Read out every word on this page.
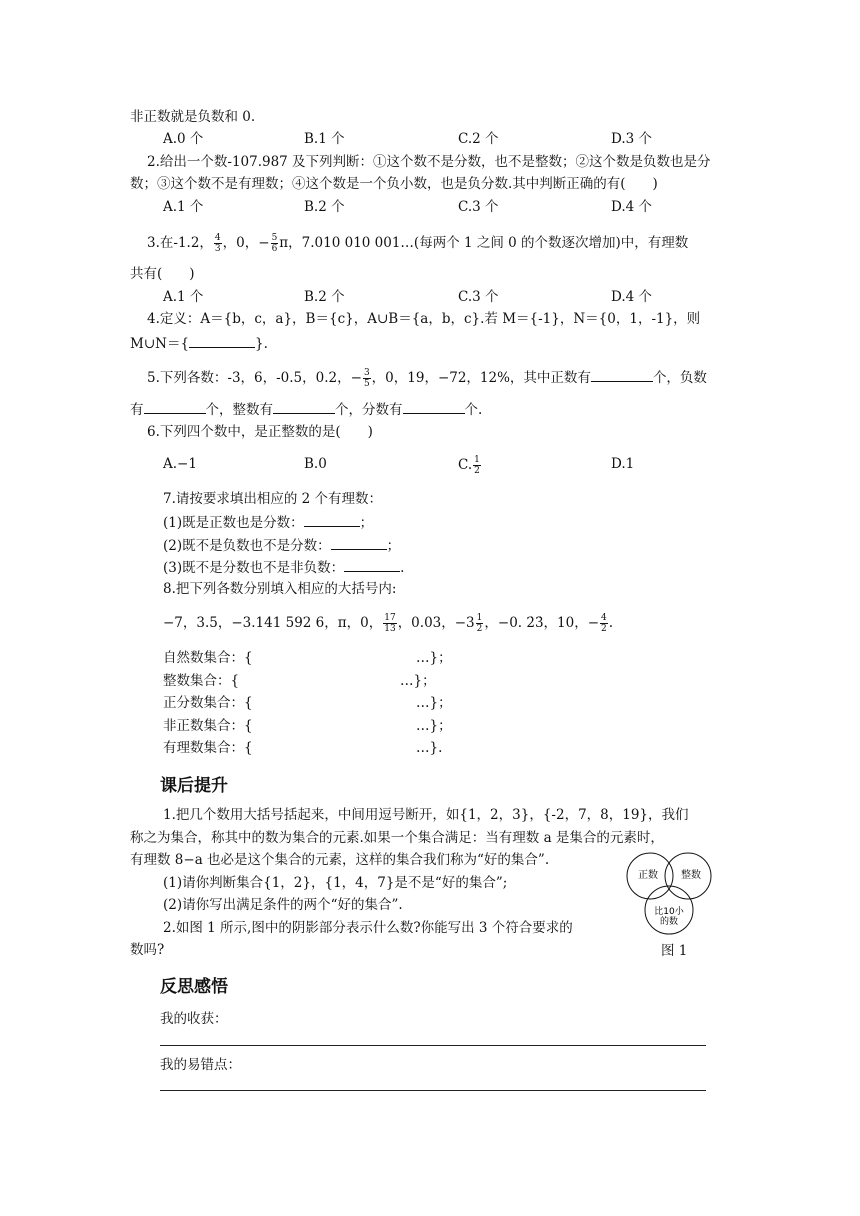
非正数就是负数和 0.
A.0 个	B.1 个	C.2 个	D.3 个
2.给出一个数-107.987 及下列判断：①这个数不是分数，也不是整数；②这个数是负数也是分
数；③这个数不是有理数；④这个数是一个负小数，也是负分数.其中判断正确的有(　　)
A.1 个	B.2 个	C.3 个	D.4 个
3.在-1.2， $\frac{4}{3}$ ，0，− $\frac{5}{6}$ π，7.010 010 001…(每两个 1 之间 0 的个数逐次增加)中，有理数
共有(　　)
A.1 个	B.2 个	C.3 个	D.4 个
4.定义：A＝{b，c，a}，B＝{c}，A∪B＝{a，b，c}.若 M＝{-1}，N＝{0，1，-1}，则
M∪N＝{	}.
5.下列各数：-3，6，-0.5，0.2，− $\frac{3}{5}$ ，0，19，−72，12%，其中正数有	个，负数
有	个，整数有	个，分数有	个.
6.下列四个数中，是正整数的是(　　)
A.−1	B.0	C. $\frac{1}{2}$	D.1
7.请按要求填出相应的 2 个有理数：
(1)既是正数也是分数：	；
(2)既不是负数也不是分数：	；
(3)既不是分数也不是非负数：	.
8.把下列各数分别填入相应的大括号内:
−7，3.5，−3.141 592 6，π，0， $\frac{17}{13}$ ，0.03，$-3 \frac{1}{2}$ ，−0. 2̇3̇，10，− $\frac{4}{2}$ .
自然数集合：{	…}；
整数集合：{	…}；
正分数集合：{	…}；
非正数集合：{	…}；
有理数集合：{	…}.
课后提升
1.把几个数用大括号括起来，中间用逗号断开，如{1，2，3}，{-2，7，8，19}，我们
称之为集合，称其中的数为集合的元素.如果一个集合满足：当有理数 a 是集合的元素时，
有理数 8−a 也必是这个集合的元素，这样的集合我们称为“好的集合”.
(1)请你判断集合{1，2}，{1，4，7}是不是“好的集合”;
(2)请你写出满足条件的两个“好的集合”.
2.如图 1 所示,图中的阴影部分表示什么数?你能写出 3 个符合要求的
数吗?
正数 整数
比10小
的数
图 1
反思感悟
我的收获：
我的易错点：
